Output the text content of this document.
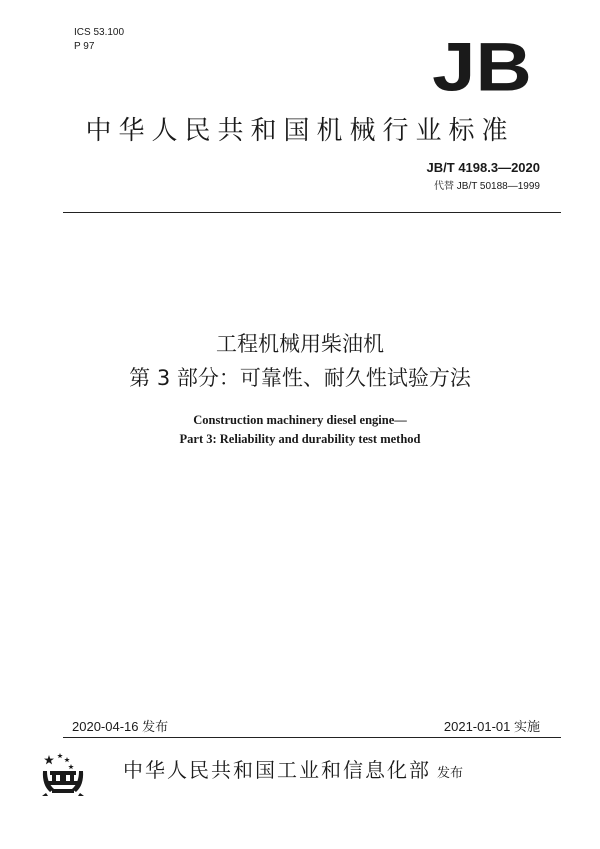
ICS 53.100
P 97	JB
中华人民共和国机械行业标准
JB/T 4198.3—2020
代替 JB/T 50188—1999
工程机械用柴油机
第 3 部分：可靠性、耐久性试验方法
Construction machinery diesel engine—
Part 3: Reliability and durability test method
2020-04-16 发布	2021-01-01 实施
中华人民共和国工业和信息化部 发布
